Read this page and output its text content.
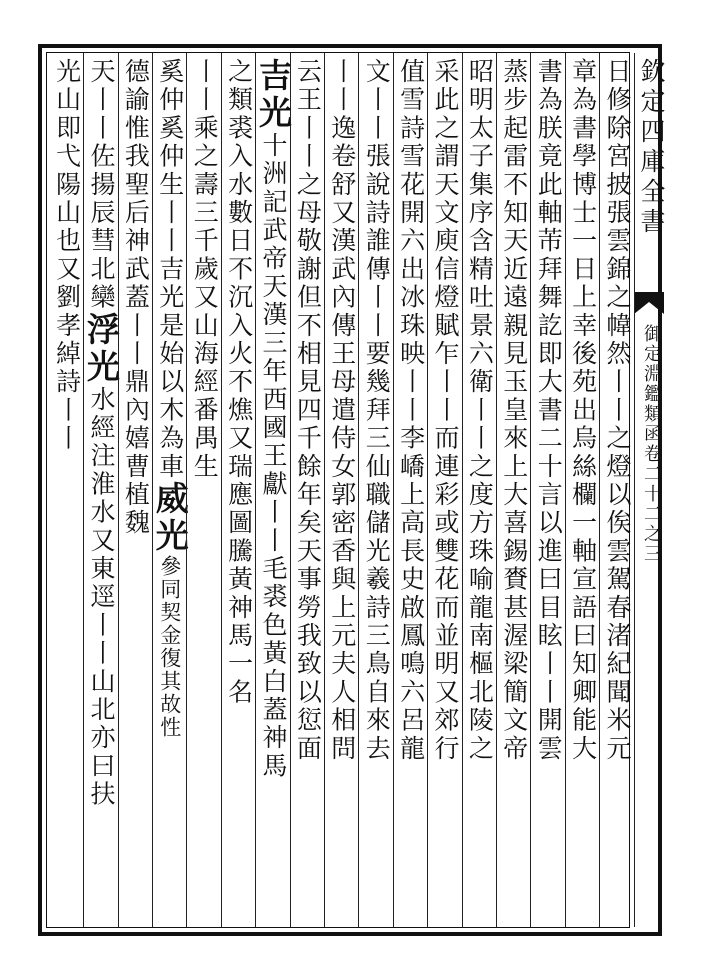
欽定四庫全書
御定淵鑑類函卷二十二之三
日修除宮披張雲錦之幃然丨丨之燈以俟雲駕春渚紀聞米元
章為書學博士一日上幸後苑出烏絲欄一軸宣語曰知卿能大
書為朕竟此軸芾拜舞訖即大書二十言以進曰目眩丨丨開雲
蒸步起雷不知天近遠親見玉皇來上大喜錫賚甚渥梁簡文帝
昭明太子集序含精吐景六衛丨丨之度方珠喻龍南樞北陵之
采此之謂天文庾信燈賦乍丨丨而連彩或雙花而並明又郊行
值雪詩雪花開六出冰珠映丨丨李嶠上高長史啟鳳鳴六呂龍
文丨丨張說詩誰傳丨丨要幾拜三仙職儲光羲詩三鳥自來去
丨丨逸卷舒又漢武內傳王母遣侍女郭密香與上元夫人相問
云王丨丨之母敬謝但不相見四千餘年矣天事勞我致以愆面
吉光十洲記武帝天漢三年西國王獻丨丨毛裘色黃白蓋神馬
之類裘入水數日不沉入火不燋又瑞應圖騰黃神馬一名
丨丨乘之壽三千歲又山海經番禺生
奚仲奚仲生丨丨吉光是始以木為車威光參同契金復其故性
德諭惟我聖后神武蓋丨丨鼎內嬉曹植魏
天丨丨佐揚辰彗北欒浮光水經注淮水又東逕丨丨山北亦曰扶
光山即弋陽山也又劉孝綽詩丨丨
